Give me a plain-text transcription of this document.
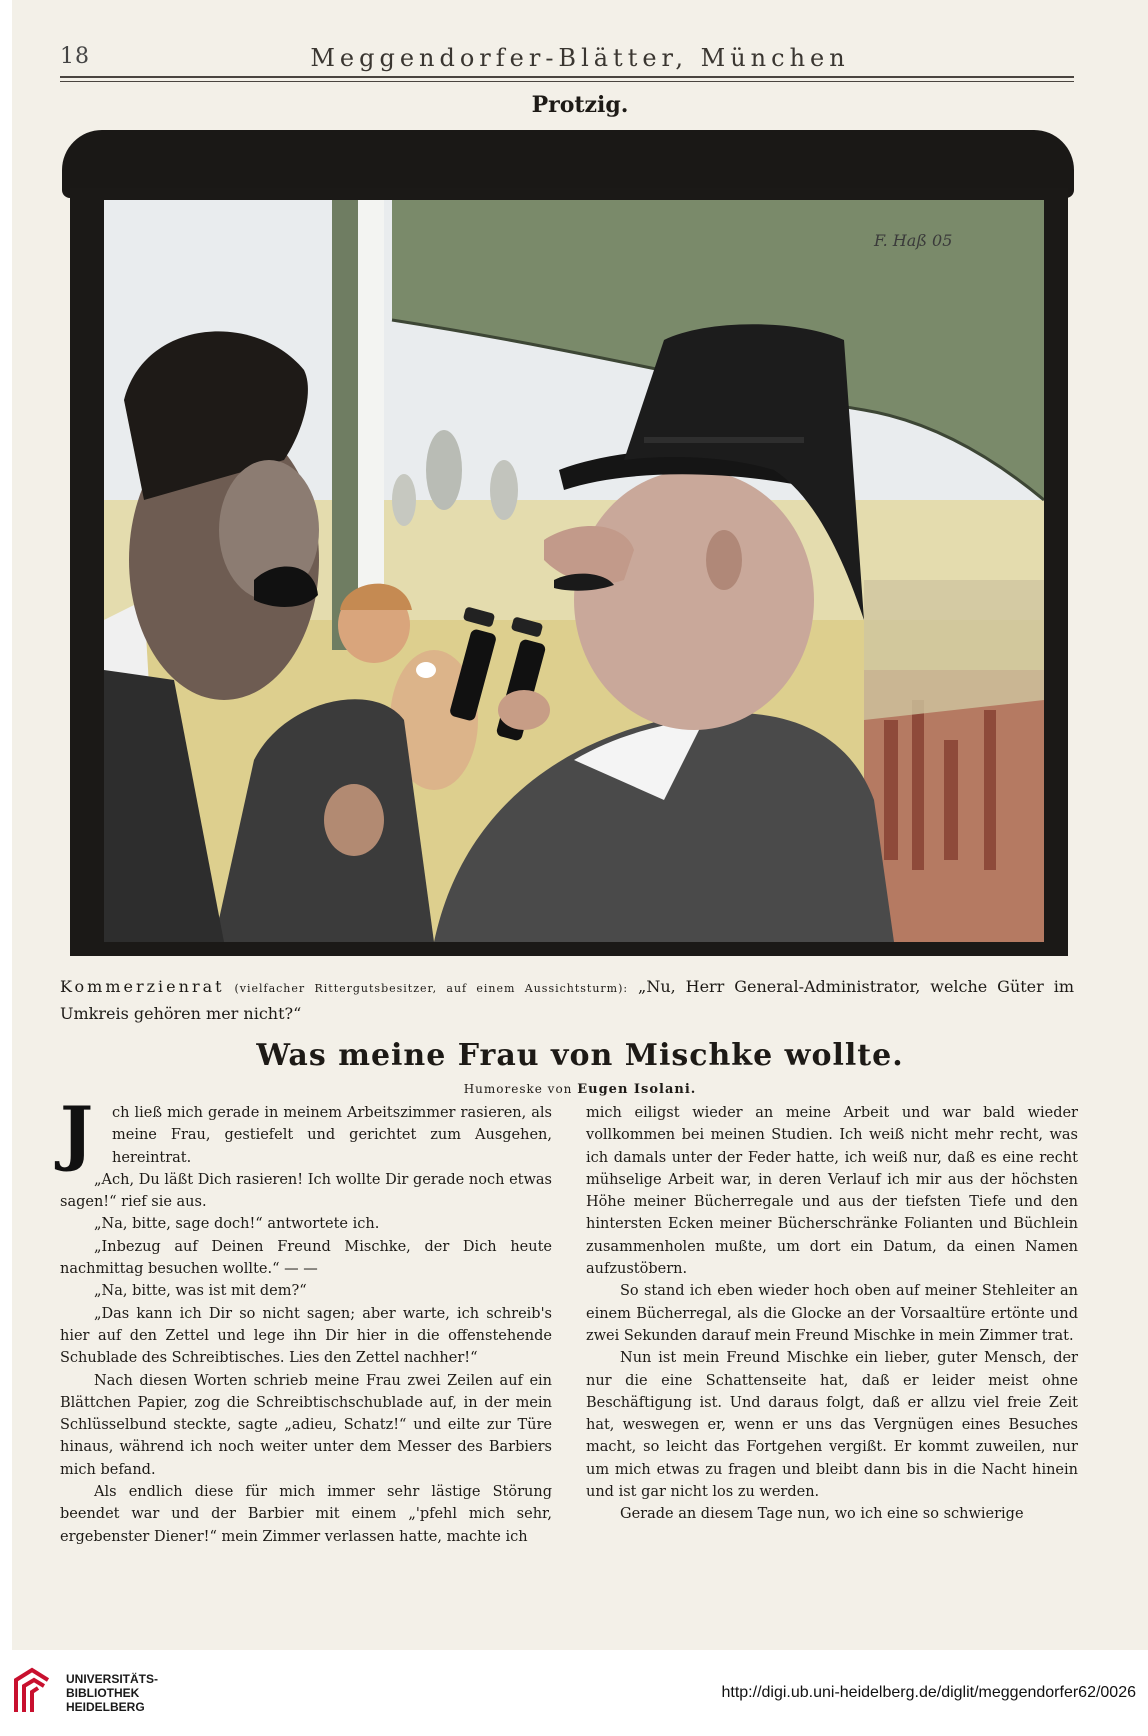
18	Meggendorfer-Blätter, München
Protzig.
F. Haß 05
Kommerzienrat (vielfacher Rittergutsbesitzer, auf einem Aussichtsturm): „Nu, Herr General-Administrator, welche Güter im Umkreis gehören mer nicht?“
Was meine Frau von Mischke wollte.
Humoreske von Eugen Isolani.
J	ch ließ mich gerade in meinem Arbeitszimmer rasieren, als meine Frau, gestiefelt und gerichtet zum Ausgehen, hereintrat.

„Ach, Du läßt Dich rasieren! Ich wollte Dir gerade noch etwas sagen!“ rief sie aus.

„Na, bitte, sage doch!“ antwortete ich.

„Inbezug auf Deinen Freund Mischke, der Dich heute nachmittag besuchen wollte.“ — —

„Na, bitte, was ist mit dem?“

„Das kann ich Dir so nicht sagen; aber warte, ich schreib's hier auf den Zettel und lege ihn Dir hier in die offenstehende Schublade des Schreibtisches. Lies den Zettel nachher!“

Nach diesen Worten schrieb meine Frau zwei Zeilen auf ein Blättchen Papier, zog die Schreibtischschublade auf, in der mein Schlüsselbund steckte, sagte „adieu, Schatz!“ und eilte zur Türe hinaus, während ich noch weiter unter dem Messer des Barbiers mich befand.

Als endlich diese für mich immer sehr lästige Störung beendet war und der Barbier mit einem „'pfehl mich sehr, ergebenster Diener!“ mein Zimmer verlassen hatte, machte ich

mich eiligst wieder an meine Arbeit und war bald wieder vollkommen bei meinen Studien. Ich weiß nicht mehr recht, was ich damals unter der Feder hatte, ich weiß nur, daß es eine recht mühselige Arbeit war, in deren Verlauf ich mir aus der höchsten Höhe meiner Bücherregale und aus der tiefsten Tiefe und den hintersten Ecken meiner Bücherschränke Folianten und Büchlein zusammenholen mußte, um dort ein Datum, da einen Namen aufzustöbern.

So stand ich eben wieder hoch oben auf meiner Stehleiter an einem Bücherregal, als die Glocke an der Vorsaaltüre ertönte und zwei Sekunden darauf mein Freund Mischke in mein Zimmer trat.

Nun ist mein Freund Mischke ein lieber, guter Mensch, der nur die eine Schattenseite hat, daß er leider meist ohne Beschäftigung ist. Und daraus folgt, daß er allzu viel freie Zeit hat, weswegen er, wenn er uns das Vergnügen eines Besuches macht, so leicht das Fortgehen vergißt. Er kommt zuweilen, nur um mich etwas zu fragen und bleibt dann bis in die Nacht hinein und ist gar nicht los zu werden.

Gerade an diesem Tage nun, wo ich eine so schwierige

UNIVERSITÄTS-
BIBLIOTHEK
HEIDELBERG
http://digi.ub.uni-heidelberg.de/diglit/meggendorfer62/0026
